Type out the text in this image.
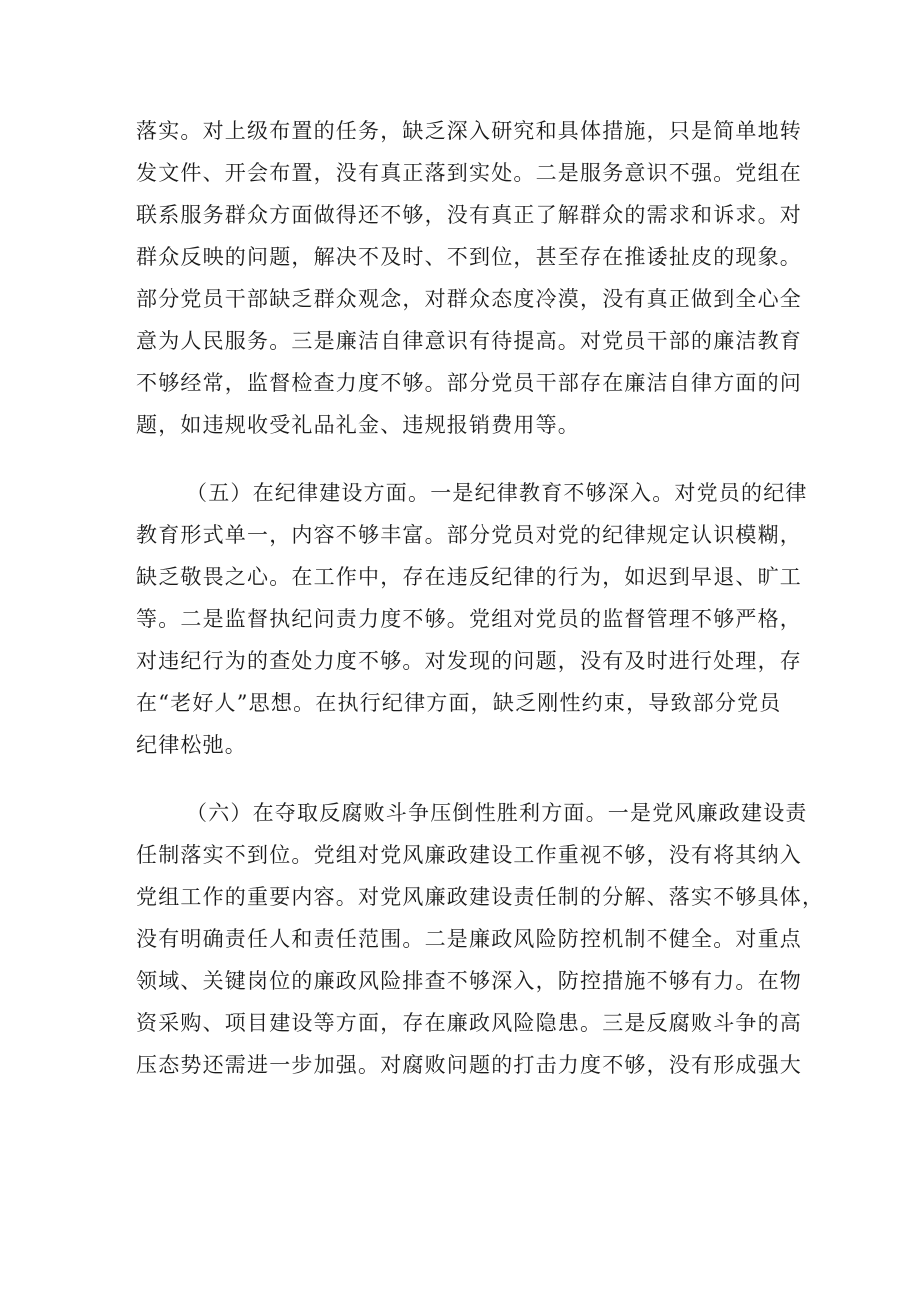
落实。对上级布置的任务，缺乏深入研究和具体措施，只是简单地转
发文件、开会布置，没有真正落到实处。二是服务意识不强。党组在
联系服务群众方面做得还不够，没有真正了解群众的需求和诉求。对
群众反映的问题，解决不及时、不到位，甚至存在推诿扯皮的现象。
部分党员干部缺乏群众观念，对群众态度冷漠，没有真正做到全心全
意为人民服务。三是廉洁自律意识有待提高。对党员干部的廉洁教育
不够经常，监督检查力度不够。部分党员干部存在廉洁自律方面的问
题，如违规收受礼品礼金、违规报销费用等。
（五）在纪律建设方面。一是纪律教育不够深入。对党员的纪律
教育形式单一，内容不够丰富。部分党员对党的纪律规定认识模糊，
缺乏敬畏之心。在工作中，存在违反纪律的行为，如迟到早退、旷工
等。二是监督执纪问责力度不够。党组对党员的监督管理不够严格，
对违纪行为的查处力度不够。对发现的问题，没有及时进行处理，存
在“老好人”思想。在执行纪律方面，缺乏刚性约束，导致部分党员
纪律松弛。
（六）在夺取反腐败斗争压倒性胜利方面。一是党风廉政建设责
任制落实不到位。党组对党风廉政建设工作重视不够，没有将其纳入
党组工作的重要内容。对党风廉政建设责任制的分解、落实不够具体，
没有明确责任人和责任范围。二是廉政风险防控机制不健全。对重点
领域、关键岗位的廉政风险排查不够深入，防控措施不够有力。在物
资采购、项目建设等方面，存在廉政风险隐患。三是反腐败斗争的高
压态势还需进一步加强。对腐败问题的打击力度不够，没有形成强大
